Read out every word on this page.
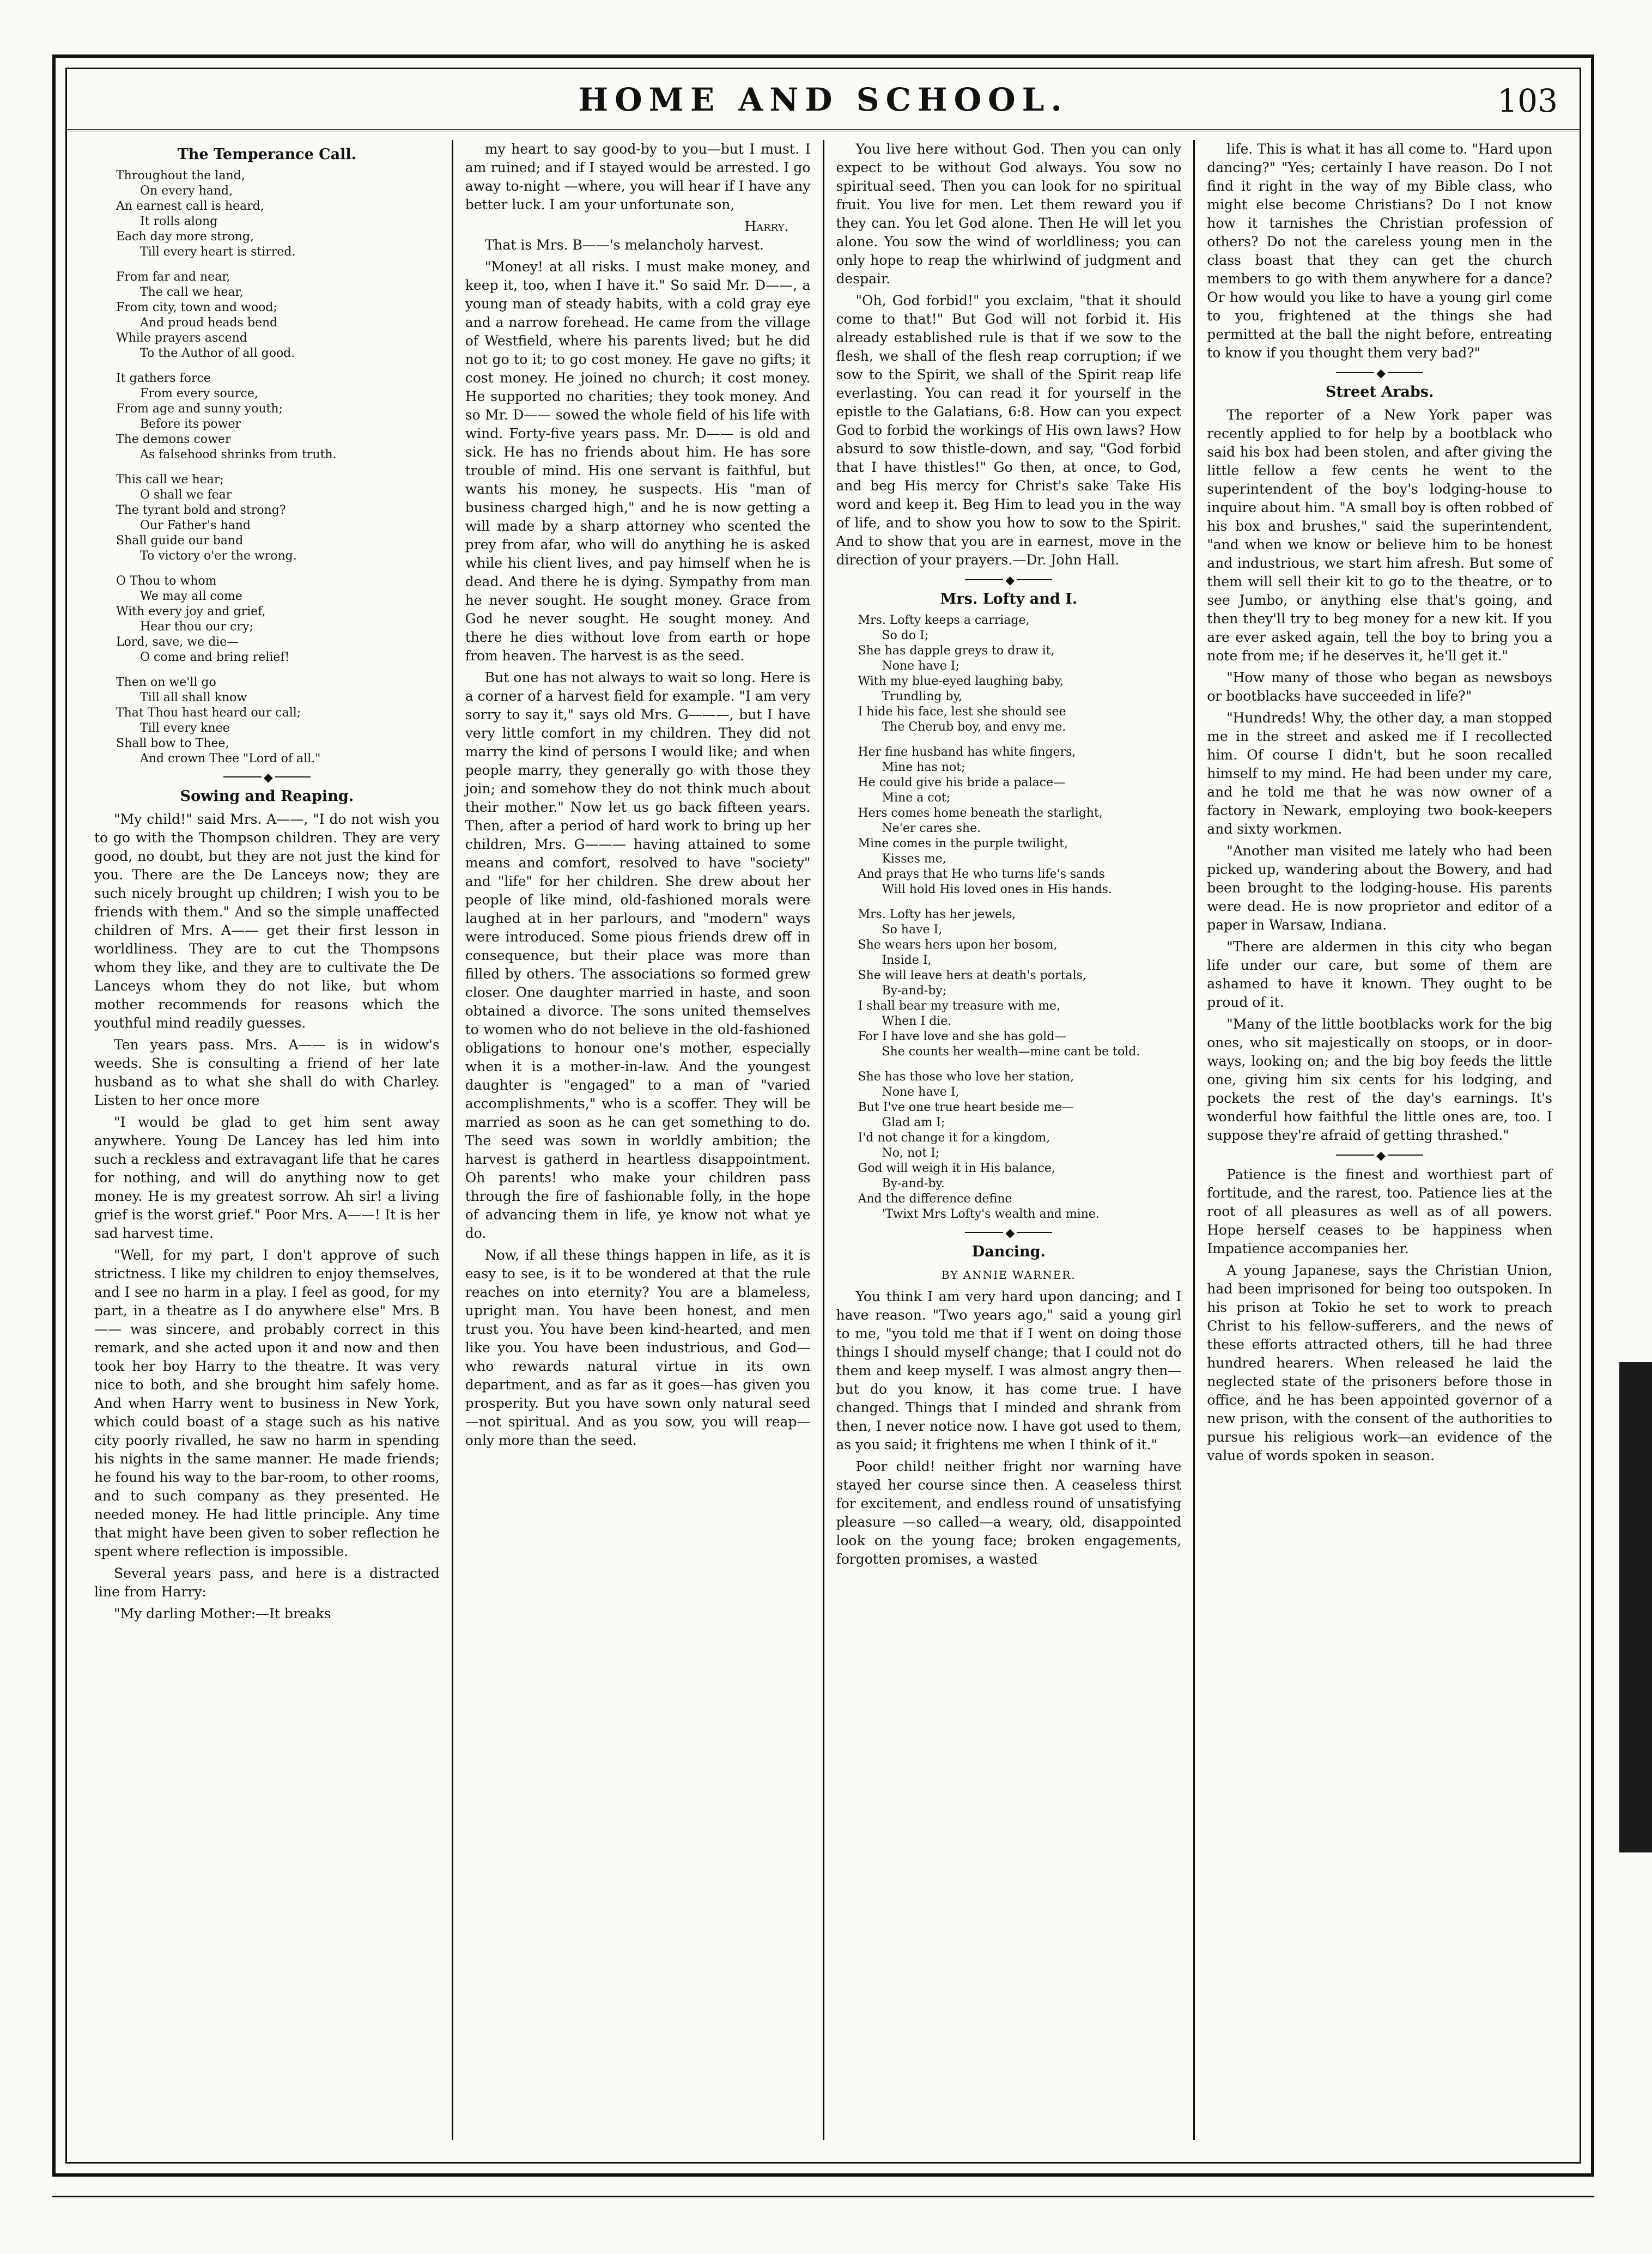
HOME AND SCHOOL.	103
The Temperance Call.
Throughout the land,
On every hand,
An earnest call is heard,
It rolls along
Each day more strong,
Till every heart is stirred.
From far and near,
The call we hear,
From city, town and wood;
And proud heads bend
While prayers ascend
To the Author of all good.
It gathers force
From every source,
From age and sunny youth;
Before its power
The demons cower
As falsehood shrinks from truth.
This call we hear;
O shall we fear
The tyrant bold and strong?
Our Father's hand
Shall guide our band
To victory o'er the wrong.
O Thou to whom
We may all come
With every joy and grief,
Hear thou our cry;
Lord, save, we die—
O come and bring relief!
Then on we'll go
Till all shall know
That Thou hast heard our call;
Till every knee
Shall bow to Thee,
And crown Thee "Lord of all."
◆
Sowing and Reaping.

"My child!" said Mrs. A——, "I do not wish you to go with the Thompson children. They are very good, no doubt, but they are not just the kind for you. There are the De Lanceys now; they are such nicely brought up children; I wish you to be friends with them." And so the simple unaffected children of Mrs. A—— get their first lesson in worldliness. They are to cut the Thompsons whom they like, and they are to cultivate the De Lanceys whom they do not like, but whom mother recommends for reasons which the youthful mind readily guesses.

Ten years pass. Mrs. A—— is in widow's weeds. She is consulting a friend of her late husband as to what she shall do with Charley. Listen to her once more

"I would be glad to get him sent away anywhere. Young De Lancey has led him into such a reckless and extravagant life that he cares for nothing, and will do anything now to get money. He is my greatest sorrow. Ah sir! a living grief is the worst grief." Poor Mrs. A——! It is her sad harvest time.

"Well, for my part, I don't approve of such strictness. I like my children to enjoy themselves, and I see no harm in a play. I feel as good, for my part, in a theatre as I do anywhere else" Mrs. B—— was sincere, and probably correct in this remark, and she acted upon it and now and then took her boy Harry to the theatre. It was very nice to both, and she brought him safely home. And when Harry went to business in New York, which could boast of a stage such as his native city poorly rivalled, he saw no harm in spending his nights in the same manner. He made friends; he found his way to the bar-room, to other rooms, and to such company as they presented. He needed money. He had little principle. Any time that might have been given to sober reflection he spent where reflection is impossible.

Several years pass, and here is a distracted line from Harry:

"My darling Mother:—It breaks

my heart to say good-by to you—but I must. I am ruined; and if I stayed would be arrested. I go away to-night —where, you will hear if I have any better luck. I am your unfortunate son,

Harry.

That is Mrs. B——'s melancholy harvest.

"Money! at all risks. I must make money, and keep it, too, when I have it." So said Mr. D——, a young man of steady habits, with a cold gray eye and a narrow forehead. He came from the village of Westfield, where his parents lived; but he did not go to it; to go cost money. He gave no gifts; it cost money. He joined no church; it cost money. He supported no charities; they took money. And so Mr. D—— sowed the whole field of his life with wind. Forty-five years pass. Mr. D—— is old and sick. He has no friends about him. He has sore trouble of mind. His one servant is faithful, but wants his money, he suspects. His "man of business charged high," and he is now getting a will made by a sharp attorney who scented the prey from afar, who will do anything he is asked while his client lives, and pay himself when he is dead. And there he is dying. Sympathy from man he never sought. He sought money. Grace from God he never sought. He sought money. And there he dies without love from earth or hope from heaven. The harvest is as the seed.

But one has not always to wait so long. Here is a corner of a harvest field for example. "I am very sorry to say it," says old Mrs. G———, but I have very little comfort in my children. They did not marry the kind of persons I would like; and when people marry, they generally go with those they join; and somehow they do not think much about their mother." Now let us go back fifteen years. Then, after a period of hard work to bring up her children, Mrs. G——— having attained to some means and comfort, resolved to have "society" and "life" for her children. She drew about her people of like mind, old-fashioned morals were laughed at in her parlours, and "modern" ways were introduced. Some pious friends drew off in consequence, but their place was more than filled by others. The associations so formed grew closer. One daughter married in haste, and soon obtained a divorce. The sons united themselves to women who do not believe in the old-fashioned obligations to honour one's mother, especially when it is a mother-in-law. And the youngest daughter is "engaged" to a man of "varied accomplishments," who is a scoffer. They will be married as soon as he can get something to do. The seed was sown in worldly ambition; the harvest is gatherd in heartless disappointment. Oh parents! who make your children pass through the fire of fashionable folly, in the hope of advancing them in life, ye know not what ye do.

Now, if all these things happen in life, as it is easy to see, is it to be wondered at that the rule reaches on into eternity? You are a blameless, upright man. You have been honest, and men trust you. You have been kind-hearted, and men like you. You have been industrious, and God—who rewards natural virtue in its own department, and as far as it goes—has given you prosperity. But you have sown only natural seed—not spiritual. And as you sow, you will reap—only more than the seed.

You live here without God. Then you can only expect to be without God always. You sow no spiritual seed. Then you can look for no spiritual fruit. You live for men. Let them reward you if they can. You let God alone. Then He will let you alone. You sow the wind of worldliness; you can only hope to reap the whirlwind of judgment and despair.

"Oh, God forbid!" you exclaim, "that it should come to that!" But God will not forbid it. His already established rule is that if we sow to the flesh, we shall of the flesh reap corruption; if we sow to the Spirit, we shall of the Spirit reap life everlasting. You can read it for yourself in the epistle to the Galatians, 6:8. How can you expect God to forbid the workings of His own laws? How absurd to sow thistle-down, and say, "God forbid that I have thistles!" Go then, at once, to God, and beg His mercy for Christ's sake Take His word and keep it. Beg Him to lead you in the way of life, and to show you how to sow to the Spirit. And to show that you are in earnest, move in the direction of your prayers.—Dr. John Hall.

◆
Mrs. Lofty and I.
Mrs. Lofty keeps a carriage,
So do I;
She has dapple greys to draw it,
None have I;
With my blue-eyed laughing baby,
Trundling by,
I hide his face, lest she should see
The Cherub boy, and envy me.
Her fine husband has white fingers,
Mine has not;
He could give his bride a palace—
Mine a cot;
Hers comes home beneath the starlight,
Ne'er cares she.
Mine comes in the purple twilight,
Kisses me,
And prays that He who turns life's sands
Will hold His loved ones in His hands.
Mrs. Lofty has her jewels,
So have I,
She wears hers upon her bosom,
Inside I,
She will leave hers at death's portals,
By-and-by;
I shall bear my treasure with me,
When I die.
For I have love and she has gold—
She counts her wealth—mine cant be told.
She has those who love her station,
None have I,
But I've one true heart beside me—
Glad am I;
I'd not change it for a kingdom,
No, not I;
God will weigh it in His balance,
By-and-by.
And the difference define
'Twixt Mrs Lofty's wealth and mine.
◆
Dancing.
BY ANNIE WARNER.

You think I am very hard upon dancing; and I have reason. "Two years ago," said a young girl to me, "you told me that if I went on doing those things I should myself change; that I could not do them and keep myself. I was almost angry then—but do you know, it has come true. I have changed. Things that I minded and shrank from then, I never notice now. I have got used to them, as you said; it frightens me when I think of it."

Poor child! neither fright nor warning have stayed her course since then. A ceaseless thirst for excitement, and endless round of unsatisfying pleasure —so called—a weary, old, disappointed look on the young face; broken engagements, forgotten promises, a wasted

life. This is what it has all come to. "Hard upon dancing?" "Yes; certainly I have reason. Do I not find it right in the way of my Bible class, who might else become Christians? Do I not know how it tarnishes the Christian profession of others? Do not the careless young men in the class boast that they can get the church members to go with them anywhere for a dance? Or how would you like to have a young girl come to you, frightened at the things she had permitted at the ball the night before, entreating to know if you thought them very bad?"

◆
Street Arabs.

The reporter of a New York paper was recently applied to for help by a bootblack who said his box had been stolen, and after giving the little fellow a few cents he went to the superintendent of the boy's lodging-house to inquire about him. "A small boy is often robbed of his box and brushes," said the superintendent, "and when we know or believe him to be honest and industrious, we start him afresh. But some of them will sell their kit to go to the theatre, or to see Jumbo, or anything else that's going, and then they'll try to beg money for a new kit. If you are ever asked again, tell the boy to bring you a note from me; if he deserves it, he'll get it."

"How many of those who began as newsboys or bootblacks have succeeded in life?"

"Hundreds! Why, the other day, a man stopped me in the street and asked me if I recollected him. Of course I didn't, but he soon recalled himself to my mind. He had been under my care, and he told me that he was now owner of a factory in Newark, employing two book-keepers and sixty workmen.

"Another man visited me lately who had been picked up, wandering about the Bowery, and had been brought to the lodging-house. His parents were dead. He is now proprietor and editor of a paper in Warsaw, Indiana.

"There are aldermen in this city who began life under our care, but some of them are ashamed to have it known. They ought to be proud of it.

"Many of the little bootblacks work for the big ones, who sit majestically on stoops, or in door-ways, looking on; and the big boy feeds the little one, giving him six cents for his lodging, and pockets the rest of the day's earnings. It's wonderful how faithful the little ones are, too. I suppose they're afraid of getting thrashed."

◆

Patience is the finest and worthiest part of fortitude, and the rarest, too. Patience lies at the root of all pleasures as well as of all powers. Hope herself ceases to be happiness when Impatience accompanies her.

A young Japanese, says the Christian Union, had been imprisoned for being too outspoken. In his prison at Tokio he set to work to preach Christ to his fellow-sufferers, and the news of these efforts attracted others, till he had three hundred hearers. When released he laid the neglected state of the prisoners before those in office, and he has been appointed governor of a new prison, with the consent of the authorities to pursue his religious work—an evidence of the value of words spoken in season.
